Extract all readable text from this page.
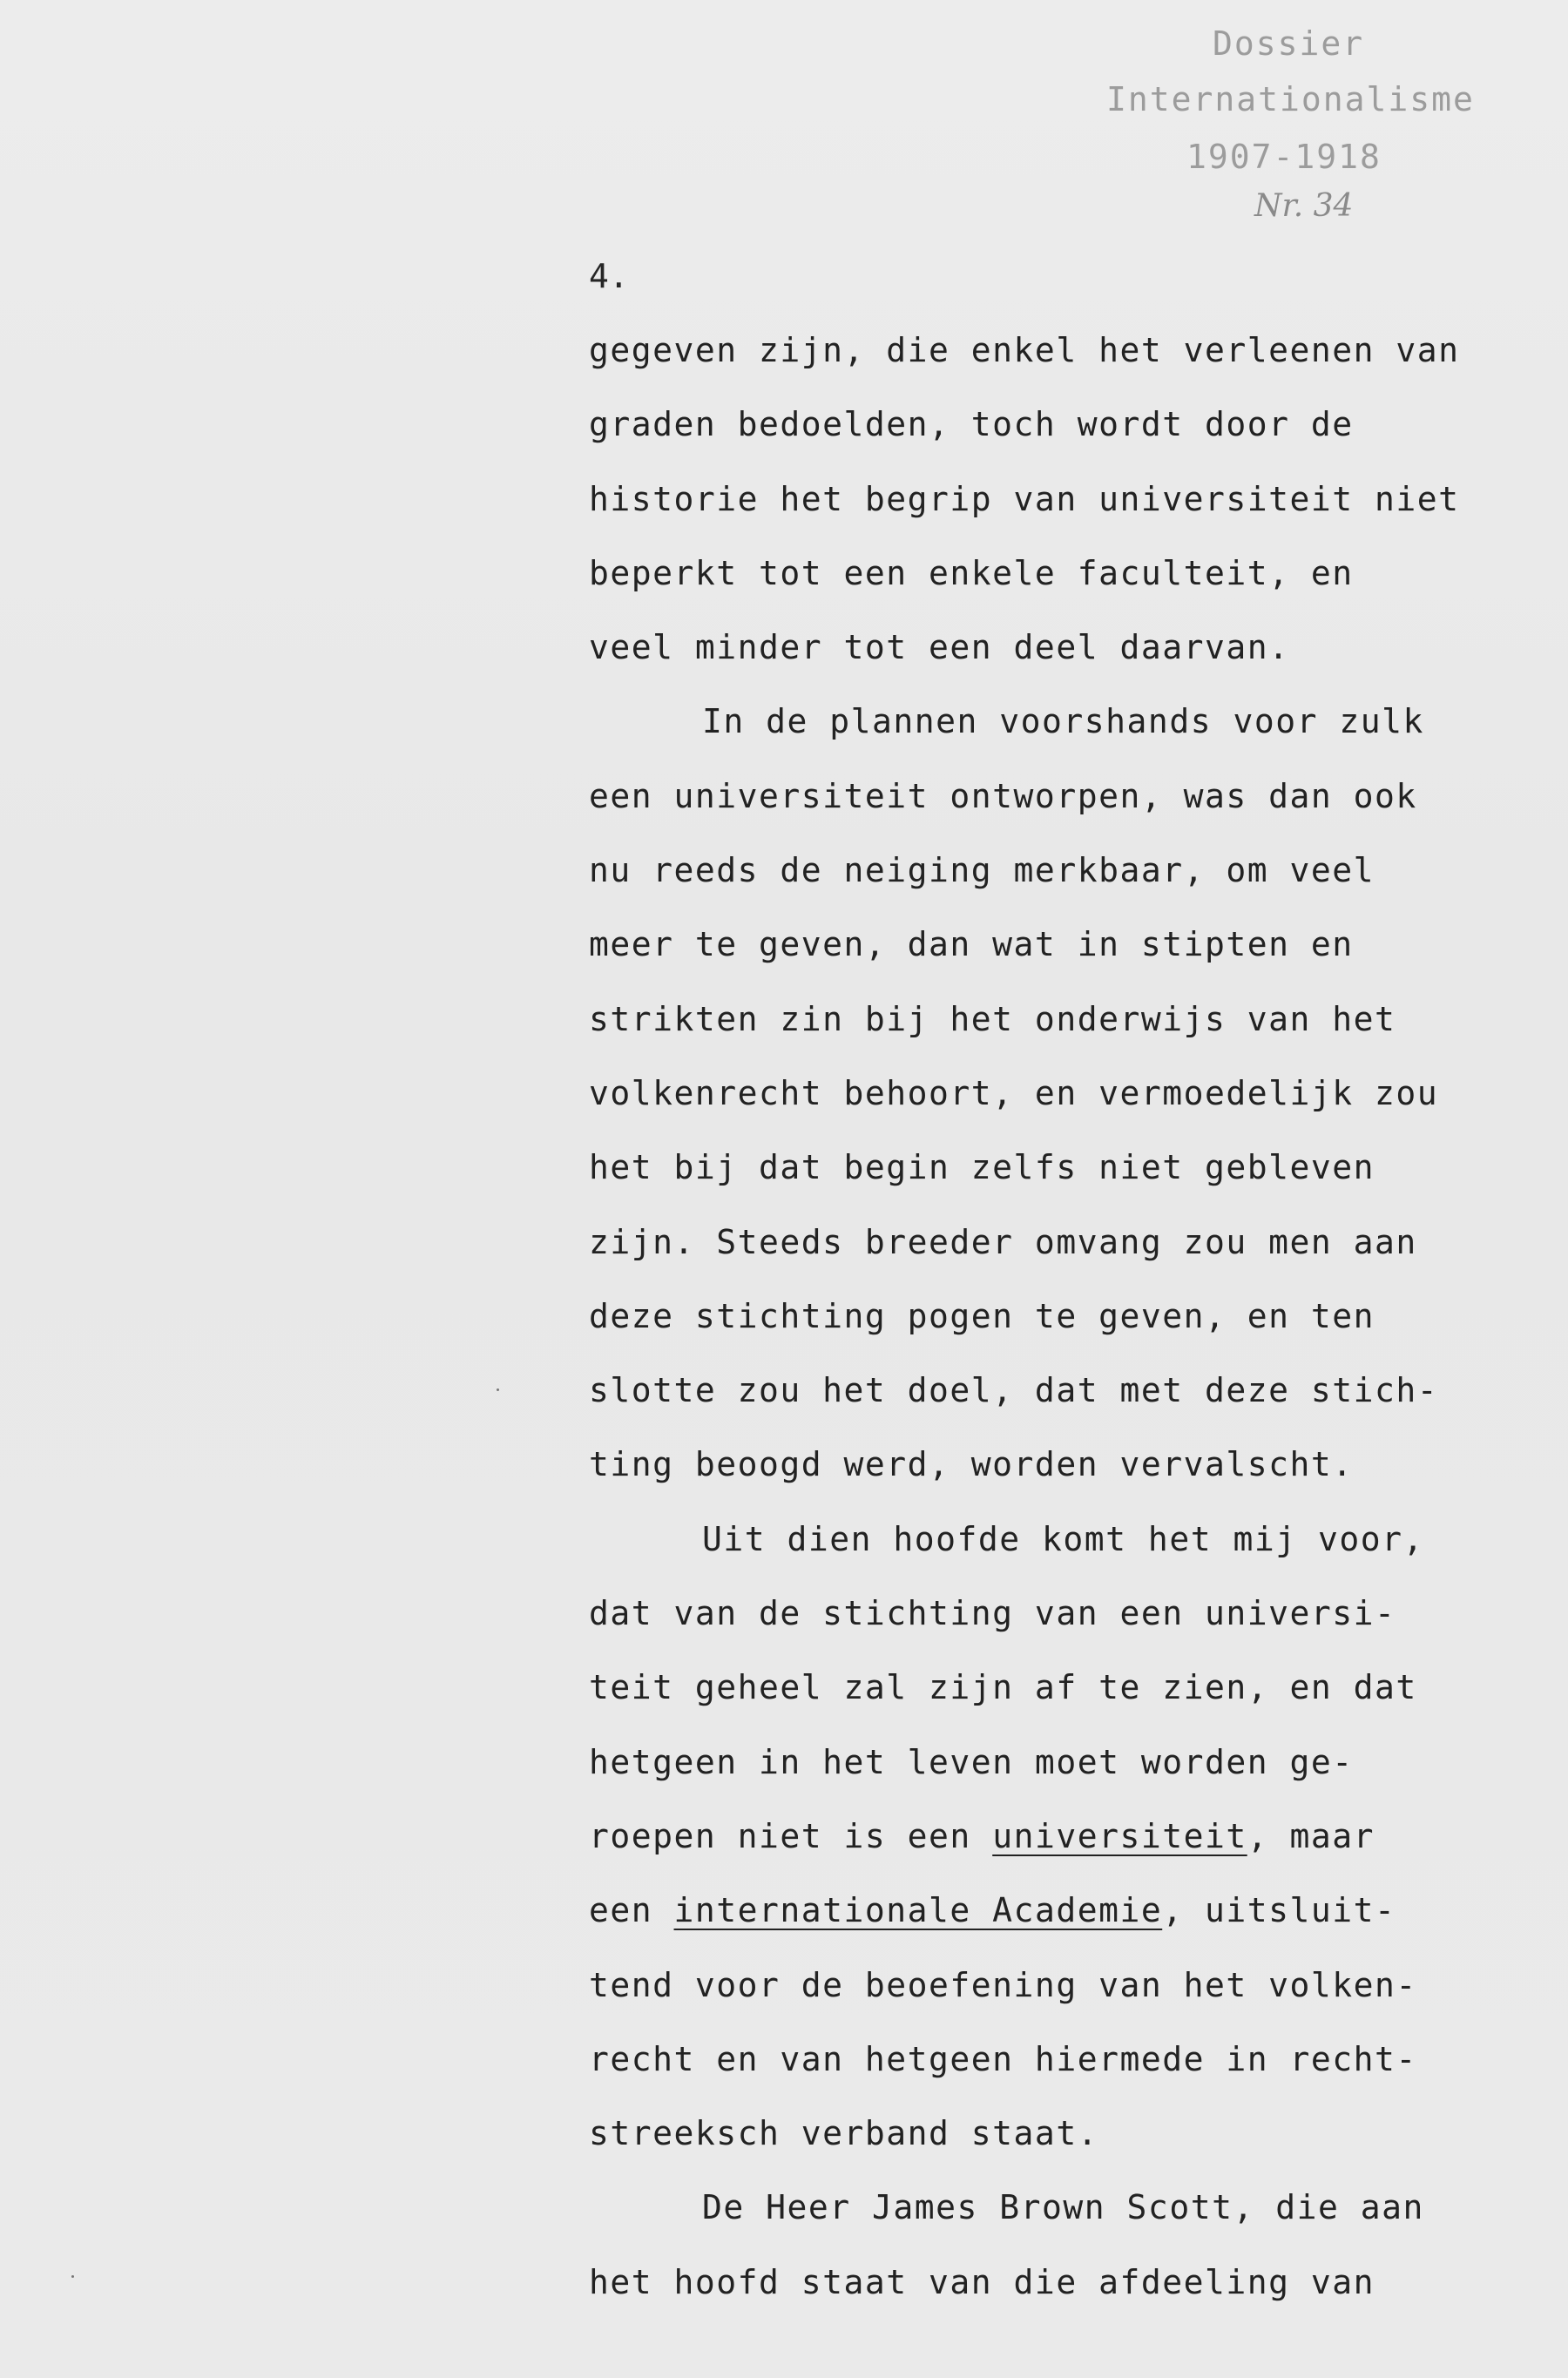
Dossier
Internationalisme
1907-1918
Nr. 34
4.
gegeven zijn, die enkel het verleenen van
graden bedoelden, toch wordt door de
historie het begrip van universiteit niet
beperkt tot een enkele faculteit, en
veel minder tot een deel daarvan.
In de plannen voorshands voor zulk
een universiteit ontworpen, was dan ook
nu reeds de neiging merkbaar, om veel
meer te geven, dan wat in stipten en
strikten zin bij het onderwijs van het
volkenrecht behoort, en vermoedelijk zou
het bij dat begin zelfs niet gebleven
zijn. Steeds breeder omvang zou men aan
deze stichting pogen te geven, en ten
slotte zou het doel, dat met deze stich-
ting beoogd werd, worden vervalscht.
Uit dien hoofde komt het mij voor,
dat van de stichting van een universi-
teit geheel zal zijn af te zien, en dat
hetgeen in het leven moet worden ge-
roepen niet is een universiteit, maar
een internationale Academie, uitsluit-
tend voor de beoefening van het volken-
recht en van hetgeen hiermede in recht-
streeksch verband staat.
De Heer James Brown Scott, die aan
het hoofd staat van die afdeeling van
